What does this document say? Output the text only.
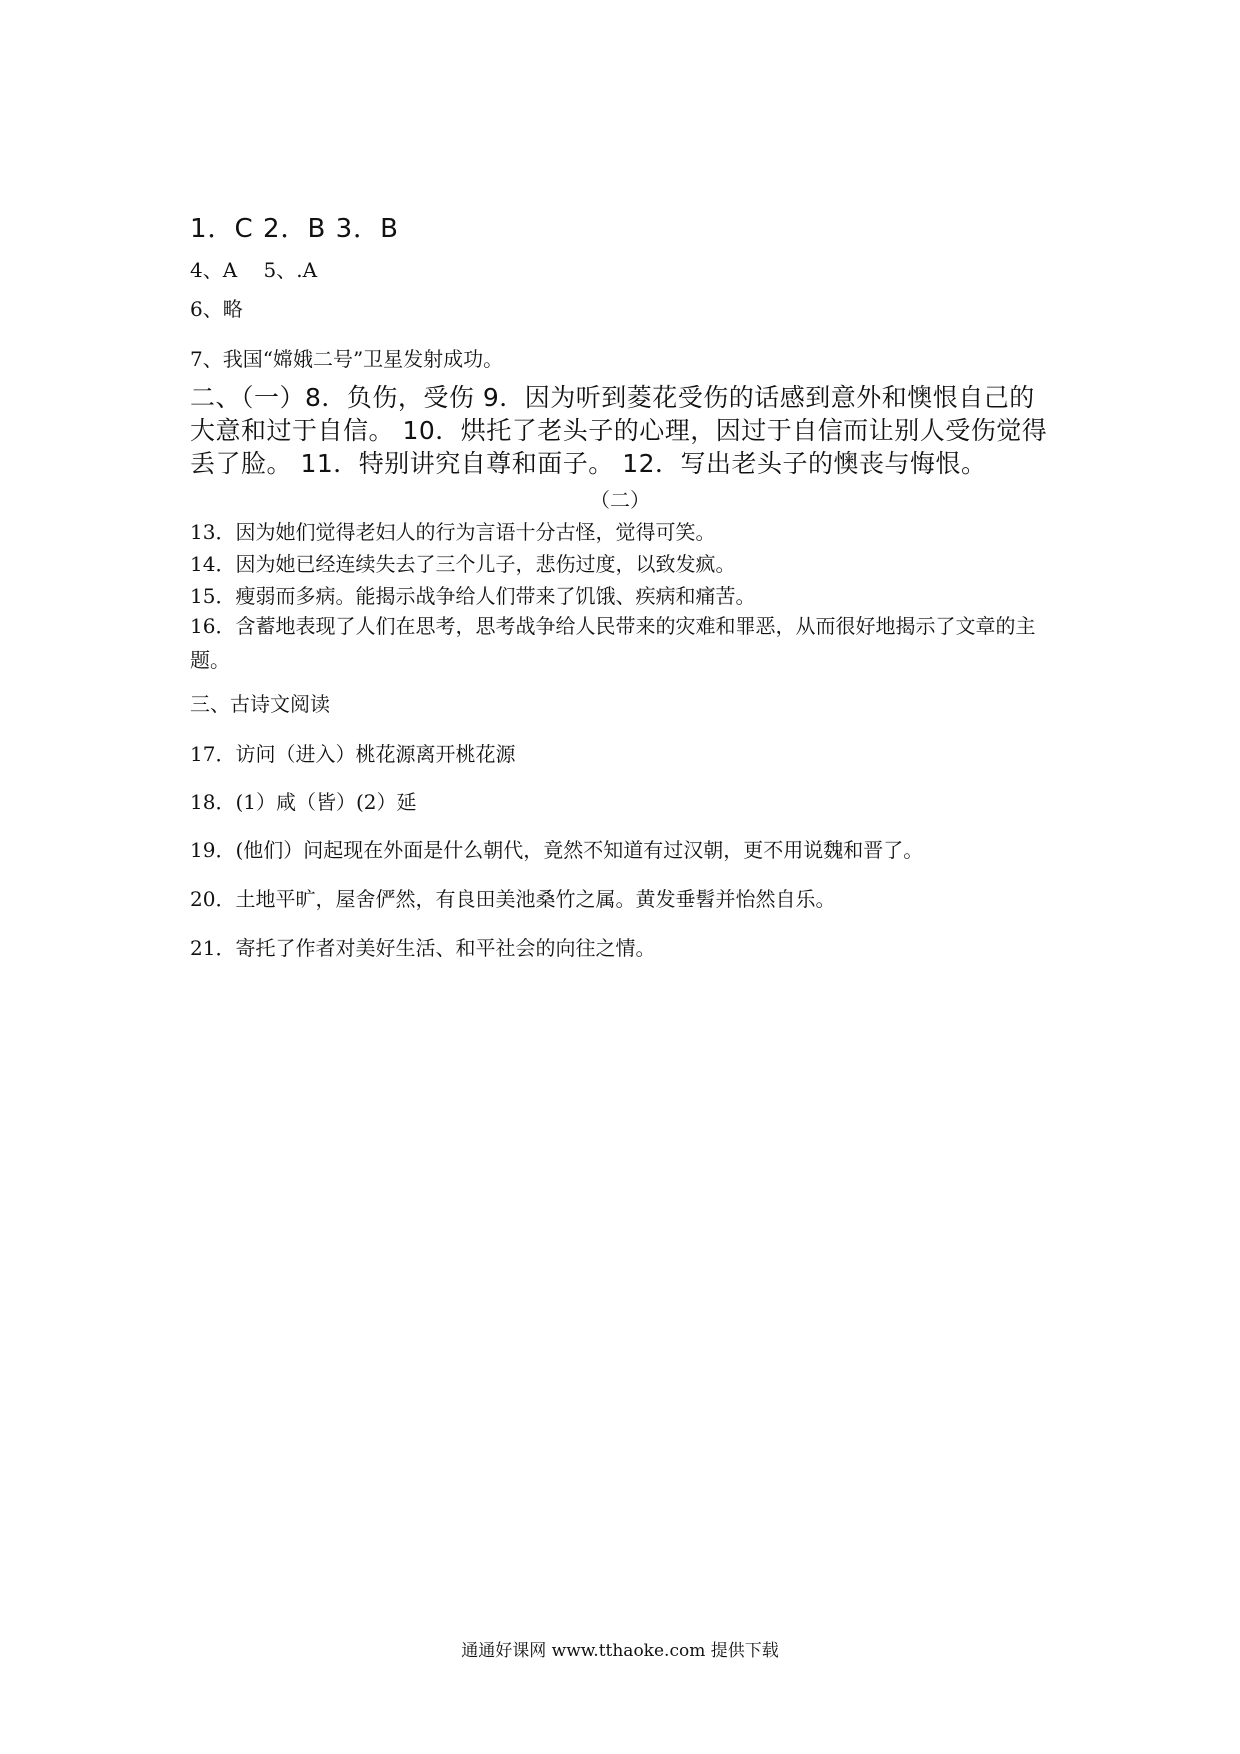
1．C 2．B 3．B
4、A　 5、.A
6、略
7、我国“嫦娥二号”卫星发射成功。
二、（一）8．负伤，受伤 9．因为听到菱花受伤的话感到意外和懊恨自己的大意和过于自信。 10．烘托了老头子的心理，因过于自信而让别人受伤觉得丢了脸。 11．特别讲究自尊和面子。 12．写出老头子的懊丧与悔恨。
（二）
13．因为她们觉得老妇人的行为言语十分古怪，觉得可笑。
14．因为她已经连续失去了三个儿子，悲伤过度，以致发疯。
15．瘦弱而多病。能揭示战争给人们带来了饥饿、疾病和痛苦。
16．含蓄地表现了人们在思考，思考战争给人民带来的灾难和罪恶，从而很好地揭示了文章的主题。
三、古诗文阅读
17．访问（进入）桃花源离开桃花源
18．(1）咸（皆）(2）延
19．(他们）问起现在外面是什么朝代，竟然不知道有过汉朝，更不用说魏和晋了。
20．土地平旷，屋舍俨然，有良田美池桑竹之属。黄发垂髫并怡然自乐。
21．寄托了作者对美好生活、和平社会的向往之情。
通通好课网 www.tthaoke.com 提供下载
